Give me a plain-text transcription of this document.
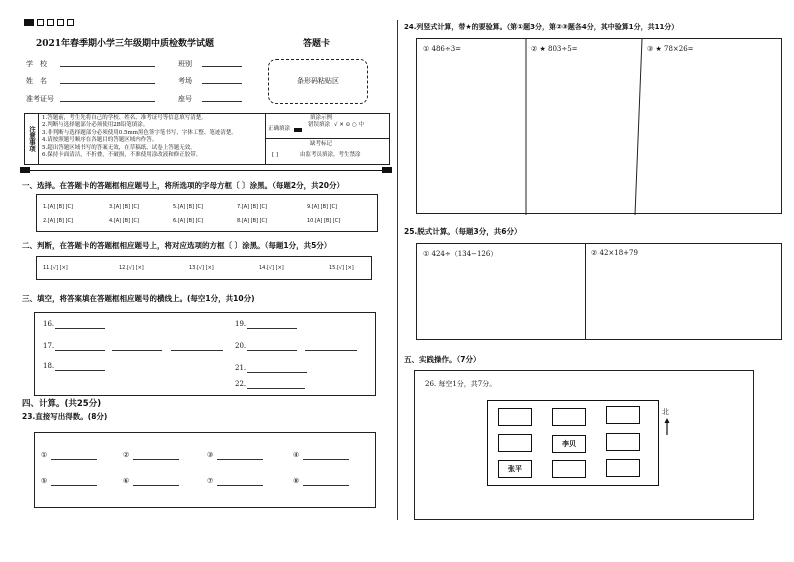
2021年春季期小学三年级期中质检数学试题	答题卡
学　校	班别
姓　名	考场
准考证号	座号
条形码粘贴区
注意事项
1.答题前，考生先将自己的学校、姓名、准考证号等信息填写清楚。
2.判断与选择题部分必须使用2B铅笔填涂。
3.非判断与选择题部分必须使用0.5mm黑色签字笔书写，字体工整、笔迹清楚。
4.请按照题号顺序在各题目的答题区域内作答。
5.超出答题区域书写的答案无效，在草稿纸、试卷上答题无效。
6.保持卡面清洁，不折叠，不破损，不准使用涂改液和修正胶带。
填涂示例
正确填涂
错误填涂 √ ✕ ⊙ ○ 中
缺考标记
[ ]	由监考员填涂，考生禁涂
一、选择。在答题卡的答题框相应题号上，将所选项的字母方框〔 〕涂黑。（每题2分，共20分）
1.[A] [B] [C]	3.[A] [B] [C]	5.[A] [B] [C]	7.[A] [B] [C]	9.[A] [B] [C]
2.[A] [B] [C]	4.[A] [B] [C]	6.[A] [B] [C]	8.[A] [B] [C]	10.[A] [B] [C]
二、判断，在答题卡的答题框相应题号上，将对应选项的方框〔 〕涂黑。（每题1分，共5分）
11.[√] [×]	12.[√] [×]	13.[√] [×]	14.[√] [×]	15.[√] [×]
三、填空，将答案填在答题框相应题号的横线上。(每空1分，共10分)
16.
17.
18.
19.
20.
21.
22.
四、计算。(共25分)
23.直接写出得数。(8分)
①	②	③	④
⑤	⑥	⑦	⑧
24.列竖式计算，带★的要验算。（第①题3分，第②③题各4分，其中验算1分，共11分）
① 486÷3=	② ★ 803÷5=	③ ★ 78×26=
25.脱式计算。（每题3分，共6分）
① 424÷（134−126）	② 42×18+79
五、实践操作。（7分）
26. 每空1分，共7分。
李贝
张平
北
